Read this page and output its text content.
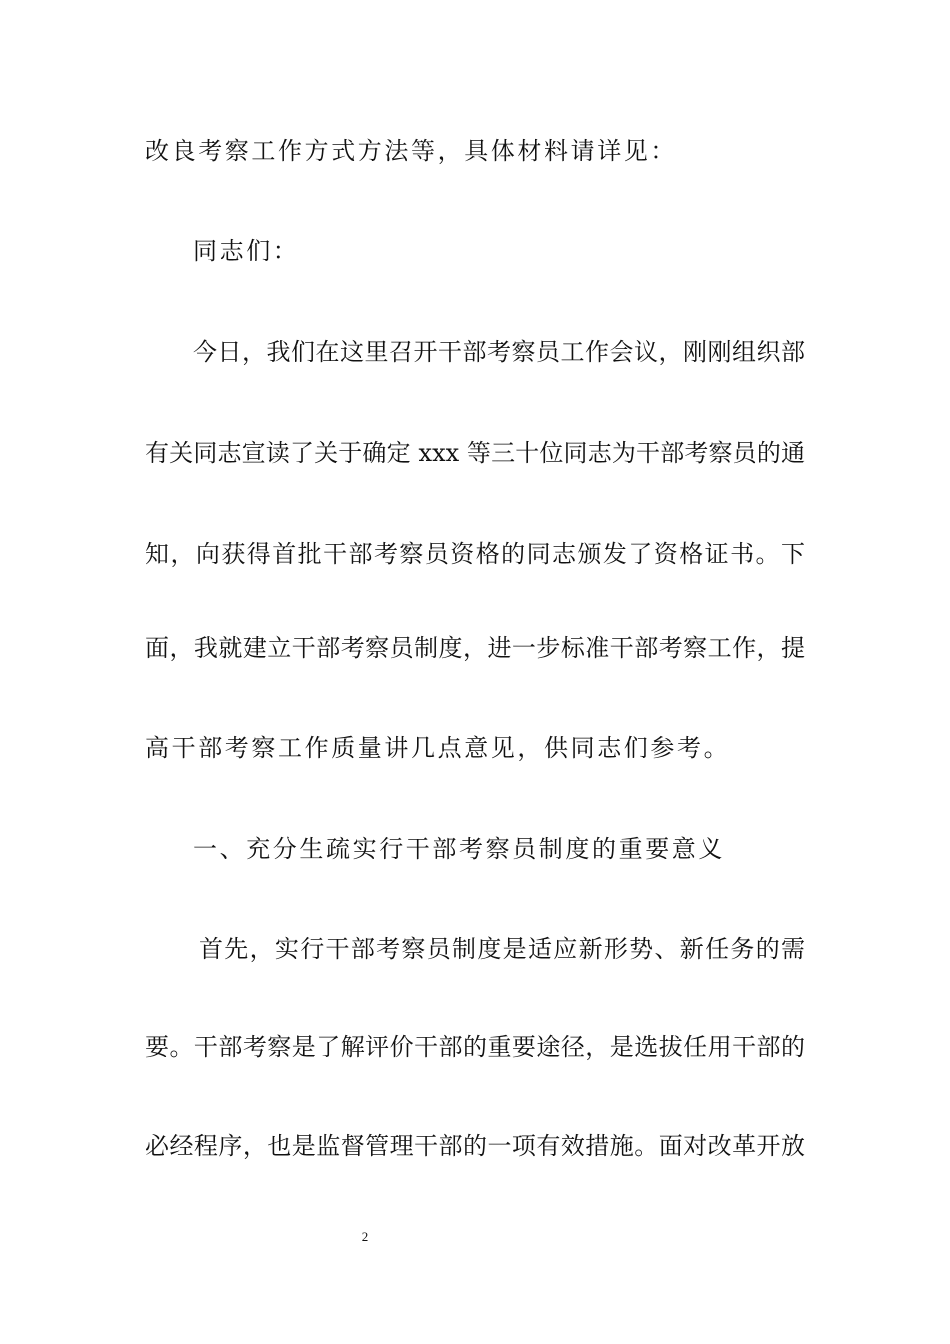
改良考察工作方式方法等，具体材料请详见：
同志们：
今日，我们在这里召开干部考察员工作会议，刚刚组织部
有关同志宣读了关于确定 xxx 等三十位同志为干部考察员的通
知，向获得首批干部考察员资格的同志颁发了资格证书。下
面，我就建立干部考察员制度，进一步标准干部考察工作，提
高干部考察工作质量讲几点意见，供同志们参考。
一、充分生疏实行干部考察员制度的重要意义
首先，实行干部考察员制度是适应新形势、新任务的需
要。干部考察是了解评价干部的重要途径，是选拔任用干部的
必经程序，也是监督管理干部的一项有效措施。面对改革开放
2
